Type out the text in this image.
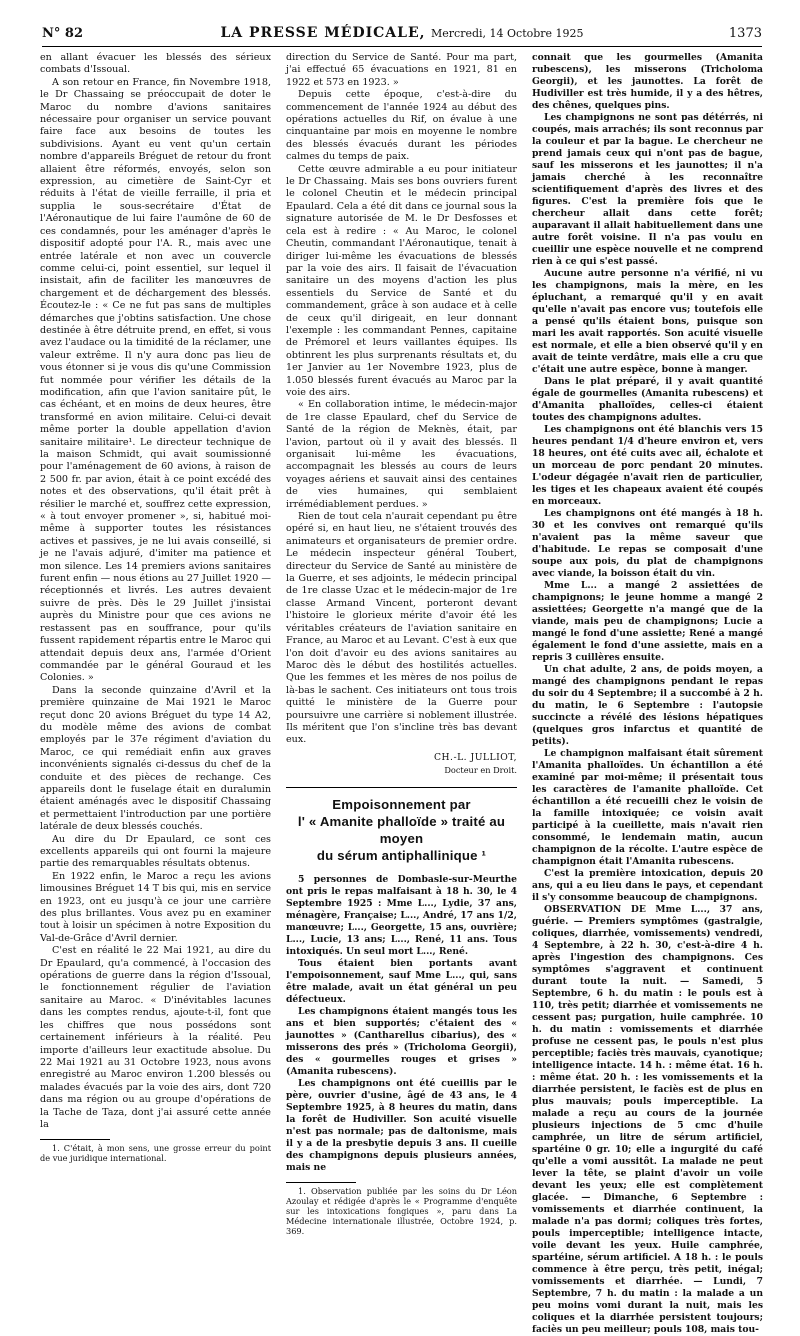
N° 82	LA PRESSE MÉDICALE, Mercredi, 14 Octobre 1925	1373

en allant évacuer les blessés des sérieux combats d'Issoual.

A son retour en France, fin Novembre 1918, le Dr Chassaing se préoccupait de doter le Maroc du nombre d'avions sanitaires nécessaire pour organiser un service pouvant faire face aux besoins de toutes les subdivisions. Ayant eu vent qu'un certain nombre d'appareils Bréguet de retour du front allaient être réformés, envoyés, selon son expression, au cimetière de Saint-Cyr et réduits à l'état de vieille ferraille, il pria et supplia le sous-secrétaire d'État de l'Aéronautique de lui faire l'aumône de 60 de ces condamnés, pour les aménager d'après le dispositif adopté pour l'A. R., mais avec une entrée latérale et non avec un couvercle comme celui-ci, point essentiel, sur lequel il insistait, afin de faciliter les manœuvres de chargement et de déchargement des blessés. Écoutez-le : « Ce ne fut pas sans de multiples démarches que j'obtins satisfaction. Une chose destinée à être détruite prend, en effet, si vous avez l'audace ou la timidité de la réclamer, une valeur extrême. Il n'y aura donc pas lieu de vous étonner si je vous dis qu'une Commission fut nommée pour vérifier les détails de la modification, afin que l'avion sanitaire pût, le cas échéant, et en moins de deux heures, être transformé en avion militaire. Celui-ci devait même porter la double appellation d'avion sanitaire militaire¹. Le directeur technique de la maison Schmidt, qui avait soumissionné pour l'aménagement de 60 avions, à raison de 2 500 fr. par avion, était à ce point excédé des notes et des observations, qu'il était prêt à résilier le marché et, souffrez cette expression, « à tout envoyer promener », si, habitué moi-même à supporter toutes les résistances actives et passives, je ne lui avais conseillé, si je ne l'avais adjuré, d'imiter ma patience et mon silence. Les 14 premiers avions sanitaires furent enfin — nous étions au 27 Juillet 1920 — réceptionnés et livrés. Les autres devaient suivre de près. Dès le 29 Juillet j'insistai auprès du Ministre pour que ces avions ne restassent pas en souffrance, pour qu'ils fussent rapidement répartis entre le Maroc qui attendait depuis deux ans, l'armée d'Orient commandée par le général Gouraud et les Colonies. »

Dans la seconde quinzaine d'Avril et la première quinzaine de Mai 1921 le Maroc reçut donc 20 avions Bréguet du type 14 A2, du modèle même des avions de combat employés par le 37e régiment d'aviation du Maroc, ce qui remédiait enfin aux graves inconvénients signalés ci-dessus du chef de la conduite et des pièces de rechange. Ces appareils dont le fuselage était en duralumin étaient aménagés avec le dispositif Chassaing et permettaient l'introduction par une portière latérale de deux blessés couchés.

Au dire du Dr Epaulard, ce sont ces excellents appareils qui ont fourni la majeure partie des remarquables résultats obtenus.

En 1922 enfin, le Maroc a reçu les avions limousines Bréguet 14 T bis qui, mis en service en 1923, ont eu jusqu'à ce jour une carrière des plus brillantes. Vous avez pu en examiner tout à loisir un spécimen à notre Exposition du Val-de-Grâce d'Avril dernier.

C'est en réalité le 22 Mai 1921, au dire du Dr Epaulard, qu'a commencé, à l'occasion des opérations de guerre dans la région d'Issoual, le fonctionnement régulier de l'aviation sanitaire au Maroc. « D'inévitables lacunes dans les comptes rendus, ajoute-t-il, font que les chiffres que nous possédons sont certainement inférieurs à la réalité. Peu importe d'ailleurs leur exactitude absolue. Du 22 Mai 1921 au 31 Octobre 1923, nous avons enregistré au Maroc environ 1.200 blessés ou malades évacués par la voie des airs, dont 720 dans ma région ou au groupe d'opérations de la Tache de Taza, dont j'ai assuré cette année la

1. C'était, à mon sens, une grosse erreur du point de vue juridique international.

direction du Service de Santé. Pour ma part, j'ai effectué 65 évacuations en 1921, 81 en 1922 et 573 en 1923. »

Depuis cette époque, c'est-à-dire du commencement de l'année 1924 au début des opérations actuelles du Rif, on évalue à une cinquantaine par mois en moyenne le nombre des blessés évacués durant les périodes calmes du temps de paix.

Cette œuvre admirable a eu pour initiateur le Dr Chassaing. Mais ses bons ouvriers furent le colonel Cheutin et le médecin principal Epaulard. Cela a été dit dans ce journal sous la signature autorisée de M. le Dr Desfosses et cela est à redire : « Au Maroc, le colonel Cheutin, commandant l'Aéronautique, tenait à diriger lui-même les évacuations de blessés par la voie des airs. Il faisait de l'évacuation sanitaire un des moyens d'action les plus essentiels du Service de Santé et du commandement, grâce à son audace et à celle de ceux qu'il dirigeait, en leur donnant l'exemple : les commandant Pennes, capitaine de Prémorel et leurs vaillantes équipes. Ils obtinrent les plus surprenants résultats et, du 1er Janvier au 1er Novembre 1923, plus de 1.050 blessés furent évacués au Maroc par la voie des airs.

« En collaboration intime, le médecin-major de 1re classe Epaulard, chef du Service de Santé de la région de Meknès, était, par l'avion, partout où il y avait des blessés. Il organisait lui-même les évacuations, accompagnait les blessés au cours de leurs voyages aériens et sauvait ainsi des centaines de vies humaines, qui semblaient irrémédiablement perdues. »

Rien de tout cela n'aurait cependant pu être opéré si, en haut lieu, ne s'étaient trouvés des animateurs et organisateurs de premier ordre. Le médecin inspecteur général Toubert, directeur du Service de Santé au ministère de la Guerre, et ses adjoints, le médecin principal de 1re classe Uzac et le médecin-major de 1re classe Armand Vincent, porteront devant l'histoire le glorieux mérite d'avoir été les véritables créateurs de l'aviation sanitaire en France, au Maroc et au Levant. C'est à eux que l'on doit d'avoir eu des avions sanitaires au Maroc dès le début des hostilités actuelles. Que les femmes et les mères de nos poilus de là-bas le sachent. Ces initiateurs ont tous trois quitté le ministère de la Guerre pour poursuivre une carrière si noblement illustrée. Ils méritent que l'on s'incline très bas devant eux.

CH.-L. JULLIOT,
Docteur en Droit.
Empoisonnement par
l' « Amanite phalloïde » traité au moyen
du sérum antiphallinique ¹

5 personnes de Dombasle-sur-Meurthe ont pris le repas malfaisant à 18 h. 30, le 4 Septembre 1925 : Mme L..., Lydie, 37 ans, ménagère, Française; L..., André, 17 ans 1/2, manœuvre; L..., Georgette, 15 ans, ouvrière; L..., Lucie, 13 ans; L..., René, 11 ans. Tous intoxiqués. Un seul mort L..., René.

Tous étaient bien portants avant l'empoisonnement, sauf Mme L..., qui, sans être malade, avait un état général un peu défectueux.

Les champignons étaient mangés tous les ans et bien supportés; c'étaient des « jaunottes » (Cantharellus cibarius), des « misserons des prés » (Tricholoma Georgii), des « gourmelles rouges et grises » (Amanita rubescens).

Les champignons ont été cueillis par le père, ouvrier d'usine, âgé de 43 ans, le 4 Septembre 1925, à 8 heures du matin, dans la forêt de Hudiviller. Son acuité visuelle n'est pas normale; pas de daltonisme, mais il y a de la presbytie depuis 3 ans. Il cueille des champignons depuis plusieurs années, mais ne

1. Observation publiée par les soins du Dr Léon Azoulay et rédigée d'après le « Programme d'enquête sur les intoxications fongiques », paru dans La Médecine internationale illustrée, Octobre 1924, p. 369.

connait que les gourmelles (Amanita rubescens), les misserons (Tricholoma Georgii), et les jaunottes. La forêt de Hudiviller est très humide, il y a des hêtres, des chênes, quelques pins.

Les champignons ne sont pas détérrés, ni coupés, mais arrachés; ils sont reconnus par la couleur et par la bague. Le chercheur ne prend jamais ceux qui n'ont pas de bague, sauf les misserons et les jaunottes; il n'a jamais cherché à les reconnaître scientifiquement d'après des livres et des figures. C'est la première fois que le chercheur allait dans cette forêt; auparavant il allait habituellement dans une autre forêt voisine. Il n'a pas voulu en cueillir une espèce nouvelle et ne comprend rien à ce qui s'est passé.

Aucune autre personne n'a vérifié, ni vu les champignons, mais la mère, en les épluchant, a remarqué qu'il y en avait qu'elle n'avait pas encore vus; toutefois elle a pensé qu'ils étaient bons, puisque son mari les avait rapportés. Son acuité visuelle est normale, et elle a bien observé qu'il y en avait de teinte verdâtre, mais elle a cru que c'était une autre espèce, bonne à manger.

Dans le plat préparé, il y avait quantité égale de gourmelles (Amanita rubescens) et d'Amanita phalloïdes, celles-ci étaient toutes des champignons adultes.

Les champignons ont été blanchis vers 15 heures pendant 1/4 d'heure environ et, vers 18 heures, ont été cuits avec ail, échalote et un morceau de porc pendant 20 minutes. L'odeur dégagée n'avait rien de particulier, les tiges et les chapeaux avaient été coupés en morceaux.

Les champignons ont été mangés à 18 h. 30 et les convives ont remarqué qu'ils n'avaient pas la même saveur que d'habitude. Le repas se composait d'une soupe aux pois, du plat de champignons avec viande, la boisson était du vin.

Mme L... a mangé 2 assiettées de champignons; le jeune homme a mangé 2 assiettées; Georgette n'a mangé que de la viande, mais peu de champignons; Lucie a mangé le fond d'une assiette; René a mangé également le fond d'une assiette, mais en a repris 3 cuillères ensuite.

Un chat adulte, 2 ans, de poids moyen, a mangé des champignons pendant le repas du soir du 4 Septembre; il a succombé à 2 h. du matin, le 6 Septembre : l'autopsie succincte a révélé des lésions hépatiques (quelques gros infarctus et quantité de petits).

Le champignon malfaisant était sûrement l'Amanita phalloïdes. Un échantillon a été examiné par moi-même; il présentait tous les caractères de l'amanite phalloïde. Cet échantillon a été recueilli chez le voisin de la famille intoxiquée; ce voisin avait participé à la cueillette, mais n'avait rien consommé, le lendemain matin, aucun champignon de la récolte. L'autre espèce de champignon était l'Amanita rubescens.

C'est la première intoxication, depuis 20 ans, qui a eu lieu dans le pays, et cependant il s'y consomme beaucoup de champignons.

OBSERVATION DE Mme L..., 37 ans, guérie. — Premiers symptômes (gastralgie, coliques, diarrhée, vomissements) vendredi, 4 Septembre, à 22 h. 30, c'est-à-dire 4 h. après l'ingestion des champignons. Ces symptômes s'aggravent et continuent durant toute la nuit. — Samedi, 5 Septembre, 6 h. du matin : le pouls est à 110, très petit; diarrhée et vomissements ne cessent pas; purgation, huile camphrée. 10 h. du matin : vomissements et diarrhée profuse ne cessent pas, le pouls n'est plus perceptible; faciès très mauvais, cyanotique; intelligence intacte. 14 h. : même état. 16 h. : même état. 20 h. : les vomissements et la diarrhée persistent, le faciès est de plus en plus mauvais; pouls imperceptible. La malade a reçu au cours de la journée plusieurs injections de 5 cmc d'huile camphrée, un litre de sérum artificiel, spartéine 0 gr. 10; elle a ingurgité du café qu'elle a vomi aussitôt. La malade ne peut lever la tête, se plaint d'avoir un voile devant les yeux; elle est complètement glacée. — Dimanche, 6 Septembre : vomissements et diarrhée continuent, la malade n'a pas dormi; coliques très fortes, pouls imperceptible; intelligence intacte, voile devant les yeux. Huile camphrée, spartéine, sérum artificiel. A 18 h. : le pouls commence à être perçu, très petit, inégal; vomissements et diarrhée. — Lundi, 7 Septembre, 7 h. du matin : la malade a un peu moins vomi durant la nuit, mais les coliques et la diarrhée persistent toujours; faciès un peu meilleur; pouls 108, mais tou-
